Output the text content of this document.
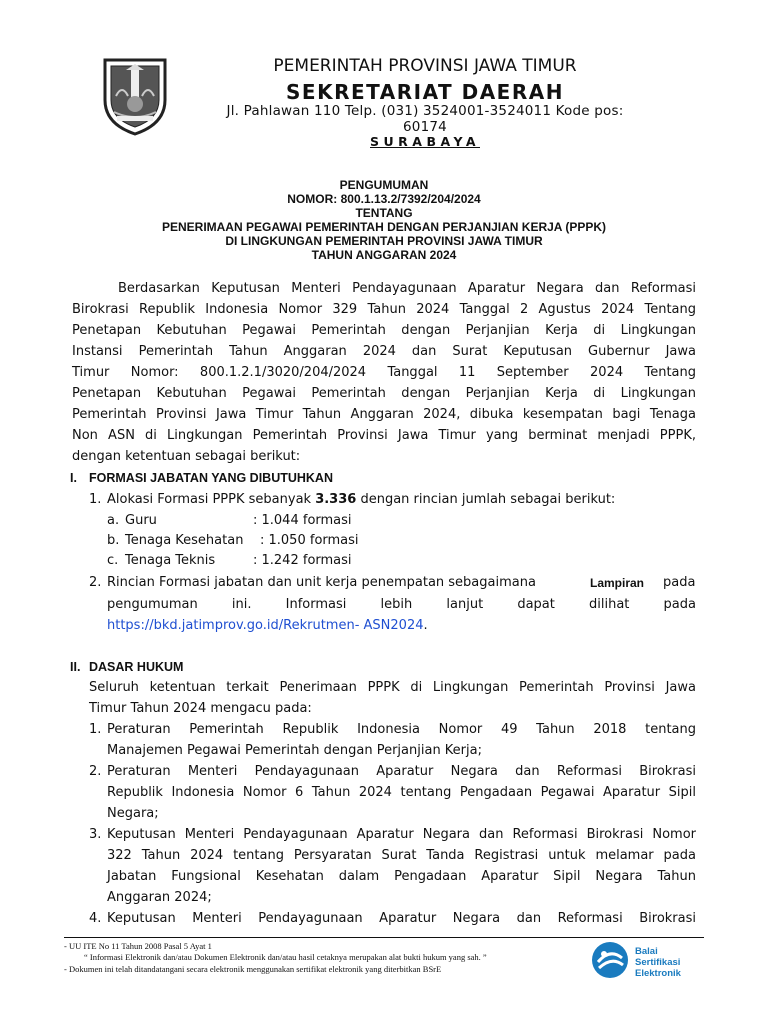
PEMERINTAH PROVINSI JAWA TIMUR
SEKRETARIAT DAERAH
Jl. Pahlawan 110 Telp. (031) 3524001-3524011 Kode pos:
60174
SURABAYA
PENGUMUMAN
NOMOR: 800.1.13.2/7392/204/2024
TENTANG
PENERIMAAN PEGAWAI PEMERINTAH DENGAN PERJANJIAN KERJA (PPPK)
DI LINGKUNGAN PEMERINTAH PROVINSI JAWA TIMUR
TAHUN ANGGARAN 2024
Berdasarkan Keputusan Menteri Pendayagunaan Aparatur Negara dan Reformasi
Birokrasi Republik Indonesia Nomor 329 Tahun 2024 Tanggal 2 Agustus 2024 Tentang
Penetapan Kebutuhan Pegawai Pemerintah dengan Perjanjian Kerja di Lingkungan
Instansi Pemerintah Tahun Anggaran 2024 dan Surat Keputusan Gubernur Jawa
Timur Nomor: 800.1.2.1/3020/204/2024 Tanggal 11 September 2024 Tentang
Penetapan Kebutuhan Pegawai Pemerintah dengan Perjanjian Kerja di Lingkungan
Pemerintah Provinsi Jawa Timur Tahun Anggaran 2024, dibuka kesempatan bagi Tenaga
Non ASN di Lingkungan Pemerintah Provinsi Jawa Timur yang berminat menjadi PPPK,
dengan ketentuan sebagai berikut:
I. FORMASI JABATAN YANG DIBUTUHKAN
1. Alokasi Formasi PPPK sebanyak 3.336 dengan rincian jumlah sebagai berikut:
a. Guru	: 1.044 formasi
b. Tenaga Kesehatan : 1.050 formasi
c. Tenaga Teknis	: 1.242 formasi
2. Rincian Formasi jabatan dan unit kerja penempatan sebagaimana	Lampiran pada
pengumuman ini. Informasi lebih lanjut dapat dilihat pada
https://bkd.jatimprov.go.id/Rekrutmen- ASN2024.
II. DASAR HUKUM
Seluruh ketentuan terkait Penerimaan PPPK di Lingkungan Pemerintah Provinsi Jawa
Timur Tahun 2024 mengacu pada:
1. Peraturan Pemerintah Republik Indonesia Nomor 49 Tahun 2018 tentang
Manajemen Pegawai Pemerintah dengan Perjanjian Kerja;
2. Peraturan Menteri Pendayagunaan Aparatur Negara dan Reformasi Birokrasi
Republik Indonesia Nomor 6 Tahun 2024 tentang Pengadaan Pegawai Aparatur Sipil
Negara;
3. Keputusan Menteri Pendayagunaan Aparatur Negara dan Reformasi Birokrasi Nomor
322 Tahun 2024 tentang Persyaratan Surat Tanda Registrasi untuk melamar pada
Jabatan Fungsional Kesehatan dalam Pengadaan Aparatur Sipil Negara Tahun
Anggaran 2024;
4. Keputusan Menteri Pendayagunaan Aparatur Negara dan Reformasi Birokrasi
- UU ITE No 11 Tahun 2008 Pasal 5 Ayat 1
“ Informasi Elektronik dan/atau Dokumen Elektronik dan/atau hasil cetaknya merupakan alat bukti hukum yang sah. ”
- Dokumen ini telah ditandatangani secara elektronik menggunakan sertifikat elektronik yang diterbitkan BSrE
Balai
Sertifikasi
Elektronik
